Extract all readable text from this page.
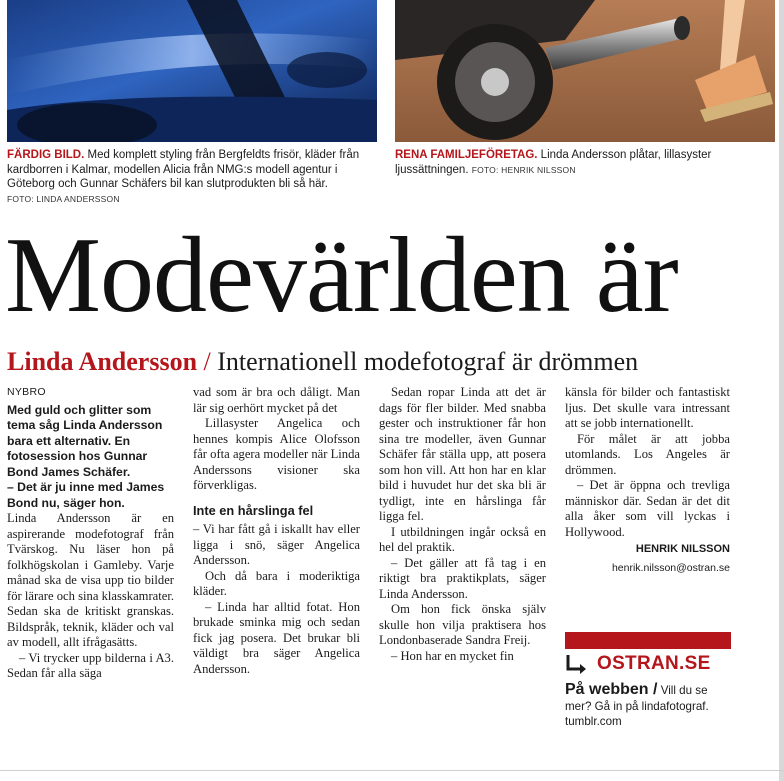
FÄRDIG BILD. Med komplett styling från Bergfeldts frisör, kläder från kardborren i Kalmar, modellen Alicia från NMG:s modell agentur i Göteborg och Gunnar Schäfers bil kan slutprodukten bli så här.
FOTO: LINDA ANDERSSON
RENA FAMILJEFÖRETAG. Linda Andersson plåtar, lillasyster ljussättningen. FOTO: HENRIK NILSSON
Modevärlden är
Linda Andersson / Internationell modefotograf är drömmen
NYBRO

Med guld och glitter som tema såg Linda Andersson bara ett alternativ. En fotosession hos Gunnar Bond James Schäfer.

– Det är ju inne med James Bond nu, säger hon.

Linda Andersson är en aspirerande modefotograf från Tvärskog. Nu läser hon på folkhögskolan i Gamleby. Varje månad ska de visa upp tio bilder för lärare och sina klasskamrater. Sedan ska de kritiskt granskas. Bildspråk, teknik, kläder och val av modell, allt ifrågasätts.

– Vi trycker upp bilderna i A3. Sedan får alla säga

vad som är bra och dåligt. Man lär sig oerhört mycket på det

Lillasyster Angelica och hennes kompis Alice Olofsson får ofta agera modeller när Linda Anderssons visioner ska förverkligas.

Inte en hårslinga fel

– Vi har fått gå i iskallt hav eller ligga i snö, säger Angelica Andersson.

Och då bara i moderiktiga kläder.

– Linda har alltid fotat. Hon brukade sminka mig och sedan fick jag posera. Det brukar bli väldigt bra säger Angelica Andersson.

Sedan ropar Linda att det är dags för fler bilder. Med snabba gester och instruktioner får hon sina tre modeller, även Gunnar Schäfer får ställa upp, att posera som hon vill. Att hon har en klar bild i huvudet hur det ska bli är tydligt, inte en hårslinga får ligga fel.

I utbildningen ingår också en hel del praktik.

– Det gäller att få tag i en riktigt bra praktikplats, säger Linda Andersson.

Om hon fick önska själv skulle hon vilja praktisera hos Londonbaserade Sandra Freij.

– Hon har en mycket fin

känsla för bilder och fantastiskt ljus. Det skulle vara intressant att se jobb internationellt.

För målet är att jobba utomlands. Los Angeles är drömmen.

– Det är öppna och trevliga människor där. Sedan är det dit alla åker som vill lyckas i Hollywood.

HENRIK NILSSON
henrik.nilsson@ostran.se
OSTRAN.SE
På webben / Vill du se mer? Gå in på lindafotograf. tumblr.com
